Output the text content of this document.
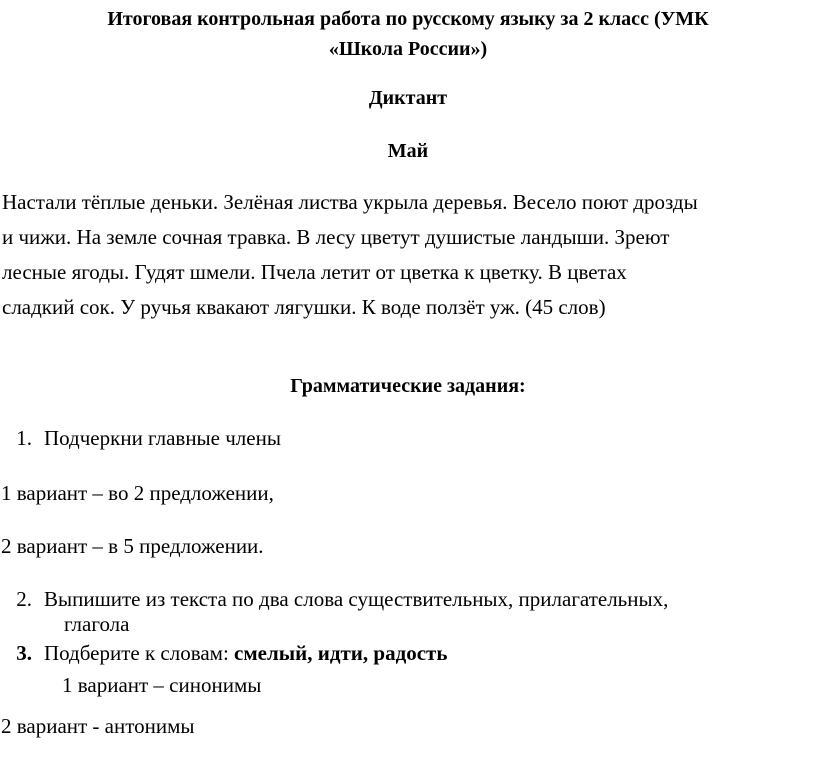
Итоговая контрольная работа по русскому языку за 2 класс (УМК
«Школа России»)
Диктант
Май
Настали тёплые деньки. Зелёная листва укрыла деревья. Весело поют дрозды
и чижи. На земле сочная травка. В лесу цветут душистые ландыши. Зреют
лесные ягоды. Гудят шмели. Пчела летит от цветка к цветку. В цветах
сладкий сок. У ручья квакают лягушки. К воде ползёт уж. (45 слов)
Грамматические задания:
1. Подчеркни главные члены
1 вариант – во 2 предложении,
2 вариант – в 5 предложении.
2. Выпишите из текста по два слова существительных, прилагательных,
глагола
3. Подберите к словам: смелый, идти, радость
1 вариант – синонимы
2 вариант - антонимы
